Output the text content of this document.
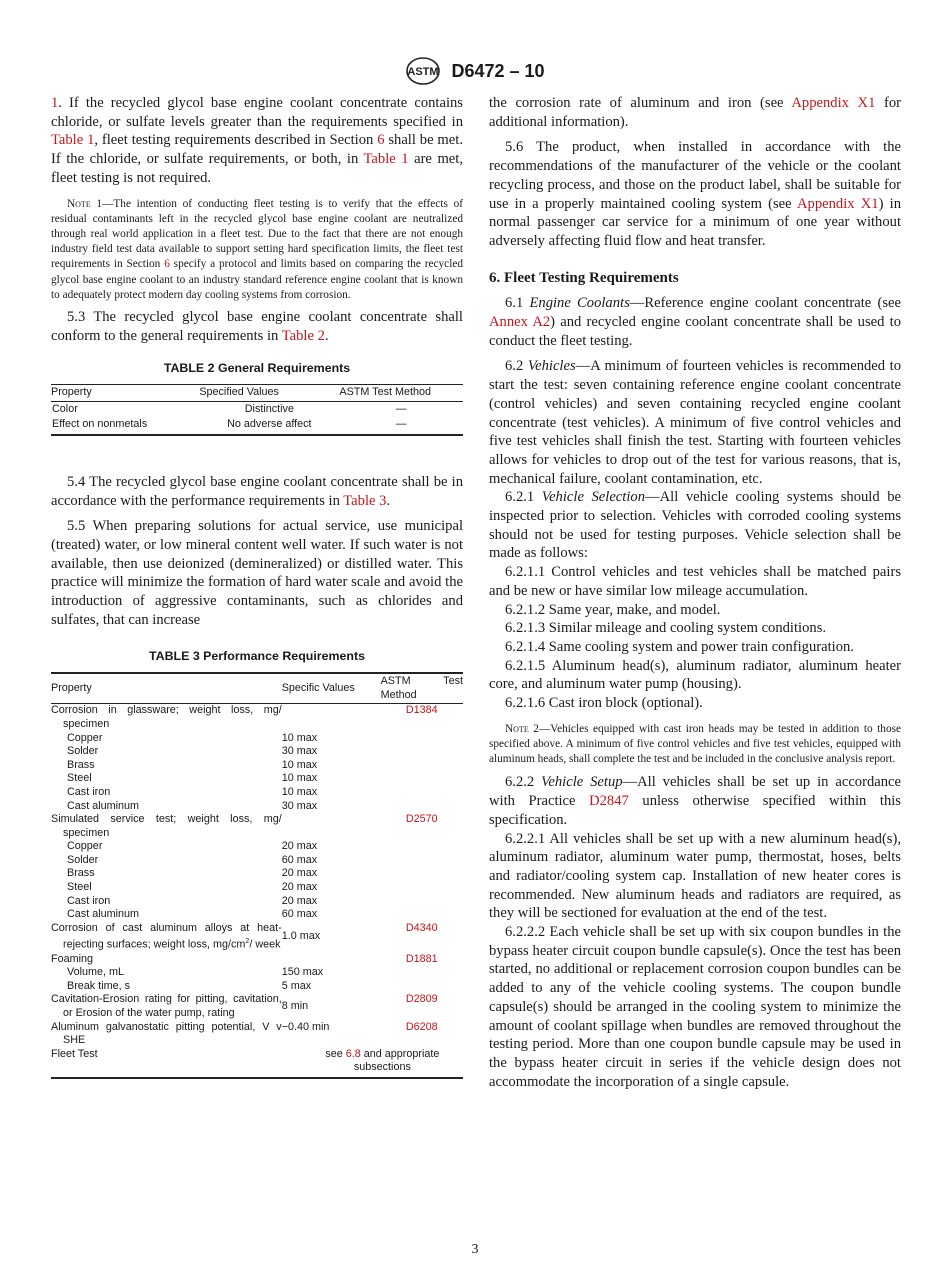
ASTM D6472 – 10

1. If the recycled glycol base engine coolant concentrate contains chloride, or sulfate levels greater than the requirements specified in Table 1, fleet testing requirements described in Section 6 shall be met. If the chloride, or sulfate requirements, or both, in Table 1 are met, fleet testing is not required.

Note 1—The intention of conducting fleet testing is to verify that the effects of residual contaminants left in the recycled glycol base engine coolant are neutralized through real world application in a fleet test. Due to the fact that there are not enough industry field test data available to support setting hard specification limits, the fleet test requirements in Section 6 specify a protocol and limits based on comparing the recycled glycol base engine coolant to an industry standard reference engine coolant that is known to adequately protect modern day cooling systems from corrosion.

5.3 The recycled glycol base engine coolant concentrate shall conform to the general requirements in Table 2.

TABLE 2 General Requirements
Property	Specified Values	ASTM Test Method
Color	Distinctive	—
Effect on nonmetals	No adverse affect	—

5.4 The recycled glycol base engine coolant concentrate shall be in accordance with the performance requirements in Table 3.

5.5 When preparing solutions for actual service, use municipal (treated) water, or low mineral content well water. If such water is not available, then use deionized (demineralized) or distilled water. This practice will minimize the formation of hard water scale and avoid the introduction of aggressive contaminants, such as chlorides and sulfates, that can increase

TABLE 3 Performance Requirements
Property	Specific Values	ASTM Test Method

Corrosion in glassware; weight loss, mg/ specimen		D1384
Copper	10 max	
Solder	30 max	
Brass	10 max	
Steel	10 max	
Cast iron	10 max	
Cast aluminum	30 max	

Simulated service test; weight loss, mg/ specimen		D2570
Copper	20 max	
Solder	60 max	
Brass	20 max	
Steel	20 max	
Cast iron	20 max	
Cast aluminum	60 max	

Corrosion of cast aluminum alloys at heat-rejecting surfaces; weight loss, $mg/cm^2/$ week	1.0 max	D4340
Foaming		D1881
Volume, mL	150 max	
Break time, s	5 max	

Cavitation-Erosion rating for pitting, cavitation, or Erosion of the water pump, rating	8 min	D2809

Aluminum galvanostatic pitting potential, V v SHE	−0.40 min	D6208
Fleet Test	see 6.8 and appropriate subsections	

the corrosion rate of aluminum and iron (see Appendix X1 for additional information).

5.6 The product, when installed in accordance with the recommendations of the manufacturer of the vehicle or the coolant recycling process, and those on the product label, shall be suitable for use in a properly maintained cooling system (see Appendix X1) in normal passenger car service for a minimum of one year without adversely affecting fluid flow and heat transfer.

6. Fleet Testing Requirements

6.1 Engine Coolants—Reference engine coolant concentrate (see Annex A2) and recycled engine coolant concentrate shall be used to conduct the fleet testing.

6.2 Vehicles—A minimum of fourteen vehicles is recommended to start the test: seven containing reference engine coolant concentrate (control vehicles) and seven containing recycled engine coolant concentrate (test vehicles). A minimum of five control vehicles and five test vehicles shall finish the test. Starting with fourteen vehicles allows for vehicles to drop out of the test for various reasons, that is, mechanical failure, coolant contamination, etc.

6.2.1 Vehicle Selection—All vehicle cooling systems should be inspected prior to selection. Vehicles with corroded cooling systems should not be used for testing purposes. Vehicle selection shall be made as follows:

6.2.1.1 Control vehicles and test vehicles shall be matched pairs and be new or have similar low mileage accumulation.

6.2.1.2 Same year, make, and model.

6.2.1.3 Similar mileage and cooling system conditions.

6.2.1.4 Same cooling system and power train configuration.

6.2.1.5 Aluminum head(s), aluminum radiator, aluminum heater core, and aluminum water pump (housing).

6.2.1.6 Cast iron block (optional).

Note 2—Vehicles equipped with cast iron heads may be tested in addition to those specified above. A minimum of five control vehicles and five test vehicles, equipped with aluminum heads, shall complete the test and be included in the conclusive analysis report.

6.2.2 Vehicle Setup—All vehicles shall be set up in accordance with Practice D2847 unless otherwise specified within this specification.

6.2.2.1 All vehicles shall be set up with a new aluminum head(s), aluminum radiator, aluminum water pump, thermostat, hoses, belts and radiator/cooling system cap. Installation of new heater cores is recommended. New aluminum heads and radiators are required, as they will be sectioned for evaluation at the end of the test.

6.2.2.2 Each vehicle shall be set up with six coupon bundles in the bypass heater circuit coupon bundle capsule(s). Once the test has been started, no additional or replacement corrosion coupon bundles can be added to any of the vehicle cooling systems. The coupon bundle capsule(s) should be arranged in the cooling system to minimize the amount of coolant spillage when bundles are removed throughout the testing period. More than one coupon bundle capsule may be used in the bypass heater circuit in series if the vehicle design does not accommodate the incorporation of a single capsule.

3
